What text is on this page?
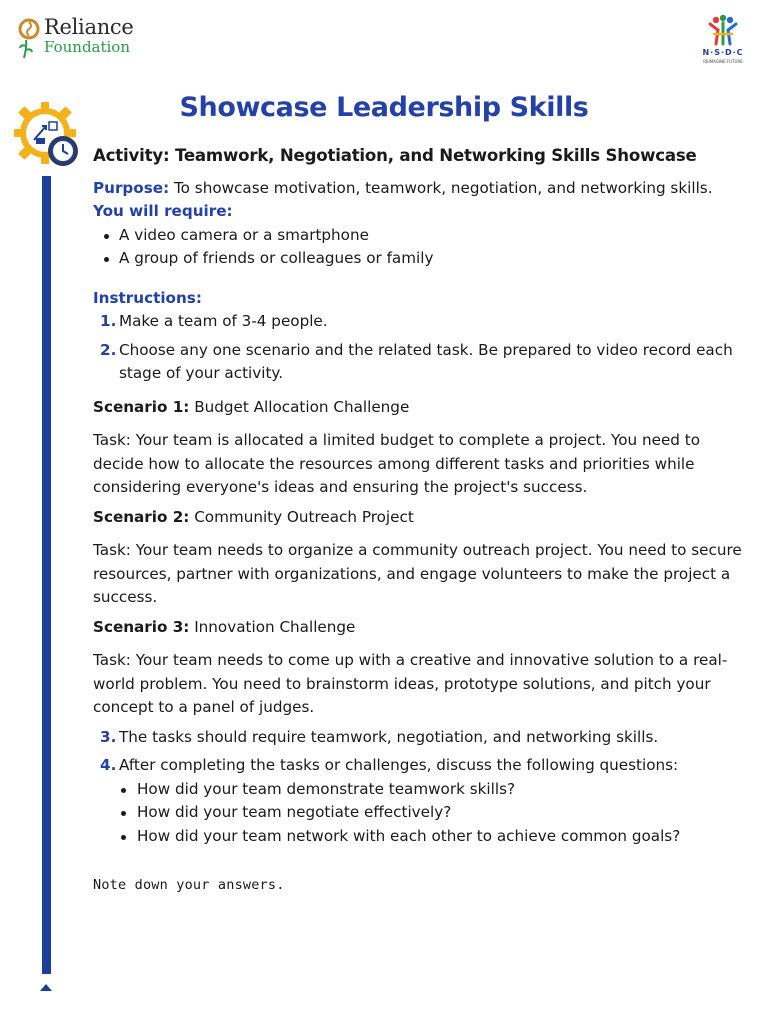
Reliance
Foundation	N·S·D·C
REIMAGINE FUTURE
Showcase Leadership Skills
Activity: Teamwork, Negotiation, and Networking Skills Showcase
Purpose: To showcase motivation, teamwork, negotiation, and networking skills.
You will require:
A video camera or a smartphone
A group of friends or colleagues or family
Instructions:
1. Make a team of 3-4 people.
2. Choose any one scenario and the related task. Be prepared to video record each stage of your activity.
Scenario 1: Budget Allocation Challenge
Task: Your team is allocated a limited budget to complete a project. You need to decide how to allocate the resources among different tasks and priorities while considering everyone's ideas and ensuring the project's success.
Scenario 2: Community Outreach Project
Task: Your team needs to organize a community outreach project. You need to secure resources, partner with organizations, and engage volunteers to make the project a success.
Scenario 3: Innovation Challenge
Task: Your team needs to come up with a creative and innovative solution to a real-world problem. You need to brainstorm ideas, prototype solutions, and pitch your concept to a panel of judges.
3. The tasks should require teamwork, negotiation, and networking skills.
4. After completing the tasks or challenges, discuss the following questions:
How did your team demonstrate teamwork skills?
How did your team negotiate effectively?
How did your team network with each other to achieve common goals?
Note down your answers.
